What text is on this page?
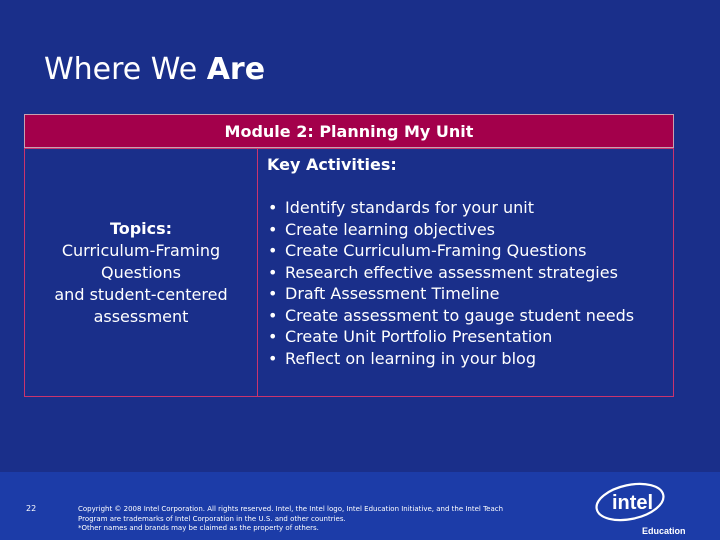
Where We Are
Module 2: Planning My Unit
Topics:
Curriculum-Framing
Questions
and student-centered
assessment
Key Activities:
• Identify standards for your unit
• Create learning objectives
• Create Curriculum-Framing Questions
• Research effective assessment strategies
• Draft Assessment Timeline
• Create assessment to gauge student needs
• Create Unit Portfolio Presentation
• Reflect on learning in your blog
22	Copyright © 2008 Intel Corporation. All rights reserved. Intel, the Intel logo, Intel Education Initiative, and the Intel Teach
Program are trademarks of Intel Corporation in the U.S. and other countries.
*Other names and brands may be claimed as the property of others.
intel
Education
